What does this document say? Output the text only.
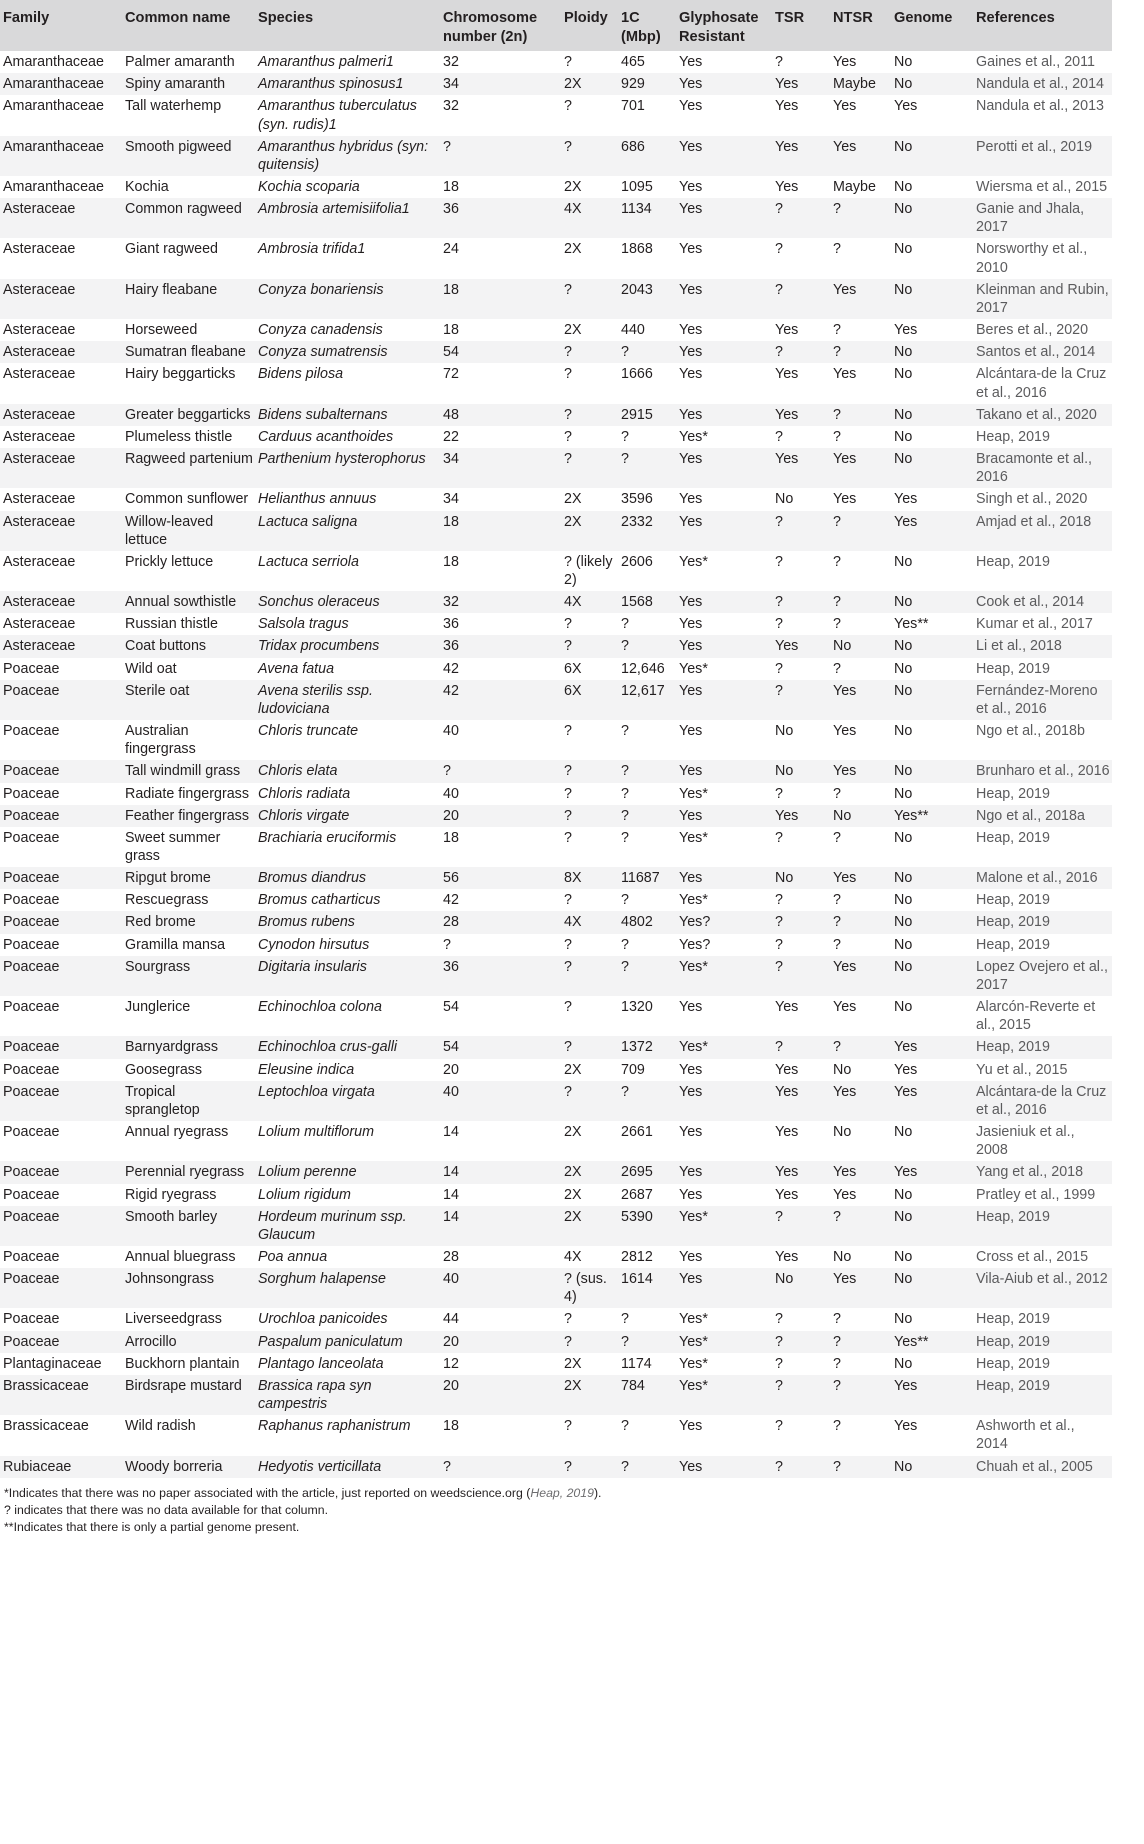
Family	Common name	Species	Chromosome number (2n)	Ploidy	1C (Mbp)	Glyphosate Resistant	TSR	NTSR	Genome	References
Amaranthaceae	Palmer amaranth	Amaranthus palmeri1	32	?	465	Yes	?	Yes	No	Gaines et al., 2011
Amaranthaceae	Spiny amaranth	Amaranthus spinosus1	34	2X	929	Yes	Yes	Maybe	No	Nandula et al., 2014
Amaranthaceae	Tall waterhemp	Amaranthus tuberculatus (syn. rudis)1	32	?	701	Yes	Yes	Yes	Yes	Nandula et al., 2013
Amaranthaceae	Smooth pigweed	Amaranthus hybridus (syn: quitensis)	?	?	686	Yes	Yes	Yes	No	Perotti et al., 2019
Amaranthaceae	Kochia	Kochia scoparia	18	2X	1095	Yes	Yes	Maybe	No	Wiersma et al., 2015
Asteraceae	Common ragweed	Ambrosia artemisiifolia1	36	4X	1134	Yes	?	?	No	Ganie and Jhala, 2017
Asteraceae	Giant ragweed	Ambrosia trifida1	24	2X	1868	Yes	?	?	No	Norsworthy et al., 2010
Asteraceae	Hairy fleabane	Conyza bonariensis	18	?	2043	Yes	?	Yes	No	Kleinman and Rubin, 2017
Asteraceae	Horseweed	Conyza canadensis	18	2X	440	Yes	Yes	?	Yes	Beres et al., 2020
Asteraceae	Sumatran fleabane	Conyza sumatrensis	54	?	?	Yes	?	?	No	Santos et al., 2014
Asteraceae	Hairy beggarticks	Bidens pilosa	72	?	1666	Yes	Yes	Yes	No	Alcántara-de la Cruz et al., 2016
Asteraceae	Greater beggarticks	Bidens subalternans	48	?	2915	Yes	Yes	?	No	Takano et al., 2020
Asteraceae	Plumeless thistle	Carduus acanthoides	22	?	?	Yes*	?	?	No	Heap, 2019
Asteraceae	Ragweed partenium	Parthenium hysterophorus	34	?	?	Yes	Yes	Yes	No	Bracamonte et al., 2016
Asteraceae	Common sunflower	Helianthus annuus	34	2X	3596	Yes	No	Yes	Yes	Singh et al., 2020
Asteraceae	Willow-leaved lettuce	Lactuca saligna	18	2X	2332	Yes	?	?	Yes	Amjad et al., 2018
Asteraceae	Prickly lettuce	Lactuca serriola	18	? (likely 2)	2606	Yes*	?	?	No	Heap, 2019
Asteraceae	Annual sowthistle	Sonchus oleraceus	32	4X	1568	Yes	?	?	No	Cook et al., 2014
Asteraceae	Russian thistle	Salsola tragus	36	?	?	Yes	?	?	Yes**	Kumar et al., 2017
Asteraceae	Coat buttons	Tridax procumbens	36	?	?	Yes	Yes	No	No	Li et al., 2018
Poaceae	Wild oat	Avena fatua	42	6X	12,646	Yes*	?	?	No	Heap, 2019
Poaceae	Sterile oat	Avena sterilis ssp. ludoviciana	42	6X	12,617	Yes	?	Yes	No	Fernández-Moreno et al., 2016
Poaceae	Australian fingergrass	Chloris truncate	40	?	?	Yes	No	Yes	No	Ngo et al., 2018b
Poaceae	Tall windmill grass	Chloris elata	?	?	?	Yes	No	Yes	No	Brunharo et al., 2016
Poaceae	Radiate fingergrass	Chloris radiata	40	?	?	Yes*	?	?	No	Heap, 2019
Poaceae	Feather fingergrass	Chloris virgate	20	?	?	Yes	Yes	No	Yes**	Ngo et al., 2018a
Poaceae	Sweet summer grass	Brachiaria eruciformis	18	?	?	Yes*	?	?	No	Heap, 2019
Poaceae	Ripgut brome	Bromus diandrus	56	8X	11687	Yes	No	Yes	No	Malone et al., 2016
Poaceae	Rescuegrass	Bromus catharticus	42	?	?	Yes*	?	?	No	Heap, 2019
Poaceae	Red brome	Bromus rubens	28	4X	4802	Yes?	?	?	No	Heap, 2019
Poaceae	Gramilla mansa	Cynodon hirsutus	?	?	?	Yes?	?	?	No	Heap, 2019
Poaceae	Sourgrass	Digitaria insularis	36	?	?	Yes*	?	Yes	No	Lopez Ovejero et al., 2017
Poaceae	Junglerice	Echinochloa colona	54	?	1320	Yes	Yes	Yes	No	Alarcón-Reverte et al., 2015
Poaceae	Barnyardgrass	Echinochloa crus-galli	54	?	1372	Yes*	?	?	Yes	Heap, 2019
Poaceae	Goosegrass	Eleusine indica	20	2X	709	Yes	Yes	No	Yes	Yu et al., 2015
Poaceae	Tropical sprangletop	Leptochloa virgata	40	?	?	Yes	Yes	Yes	Yes	Alcántara-de la Cruz et al., 2016
Poaceae	Annual ryegrass	Lolium multiflorum	14	2X	2661	Yes	Yes	No	No	Jasieniuk et al., 2008
Poaceae	Perennial ryegrass	Lolium perenne	14	2X	2695	Yes	Yes	Yes	Yes	Yang et al., 2018
Poaceae	Rigid ryegrass	Lolium rigidum	14	2X	2687	Yes	Yes	Yes	No	Pratley et al., 1999
Poaceae	Smooth barley	Hordeum murinum ssp. Glaucum	14	2X	5390	Yes*	?	?	No	Heap, 2019
Poaceae	Annual bluegrass	Poa annua	28	4X	2812	Yes	Yes	No	No	Cross et al., 2015
Poaceae	Johnsongrass	Sorghum halapense	40	? (sus. 4)	1614	Yes	No	Yes	No	Vila-Aiub et al., 2012
Poaceae	Liverseedgrass	Urochloa panicoides	44	?	?	Yes*	?	?	No	Heap, 2019
Poaceae	Arrocillo	Paspalum paniculatum	20	?	?	Yes*	?	?	Yes**	Heap, 2019
Plantaginaceae	Buckhorn plantain	Plantago lanceolata	12	2X	1174	Yes*	?	?	No	Heap, 2019
Brassicaceae	Birdsrape mustard	Brassica rapa syn campestris	20	2X	784	Yes*	?	?	Yes	Heap, 2019
Brassicaceae	Wild radish	Raphanus raphanistrum	18	?	?	Yes	?	?	Yes	Ashworth et al., 2014
Rubiaceae	Woody borreria	Hedyotis verticillata	?	?	?	Yes	?	?	No	Chuah et al., 2005
*Indicates that there was no paper associated with the article, just reported on weedscience.org (Heap, 2019).
? indicates that there was no data available for that column.
**Indicates that there is only a partial genome present.
